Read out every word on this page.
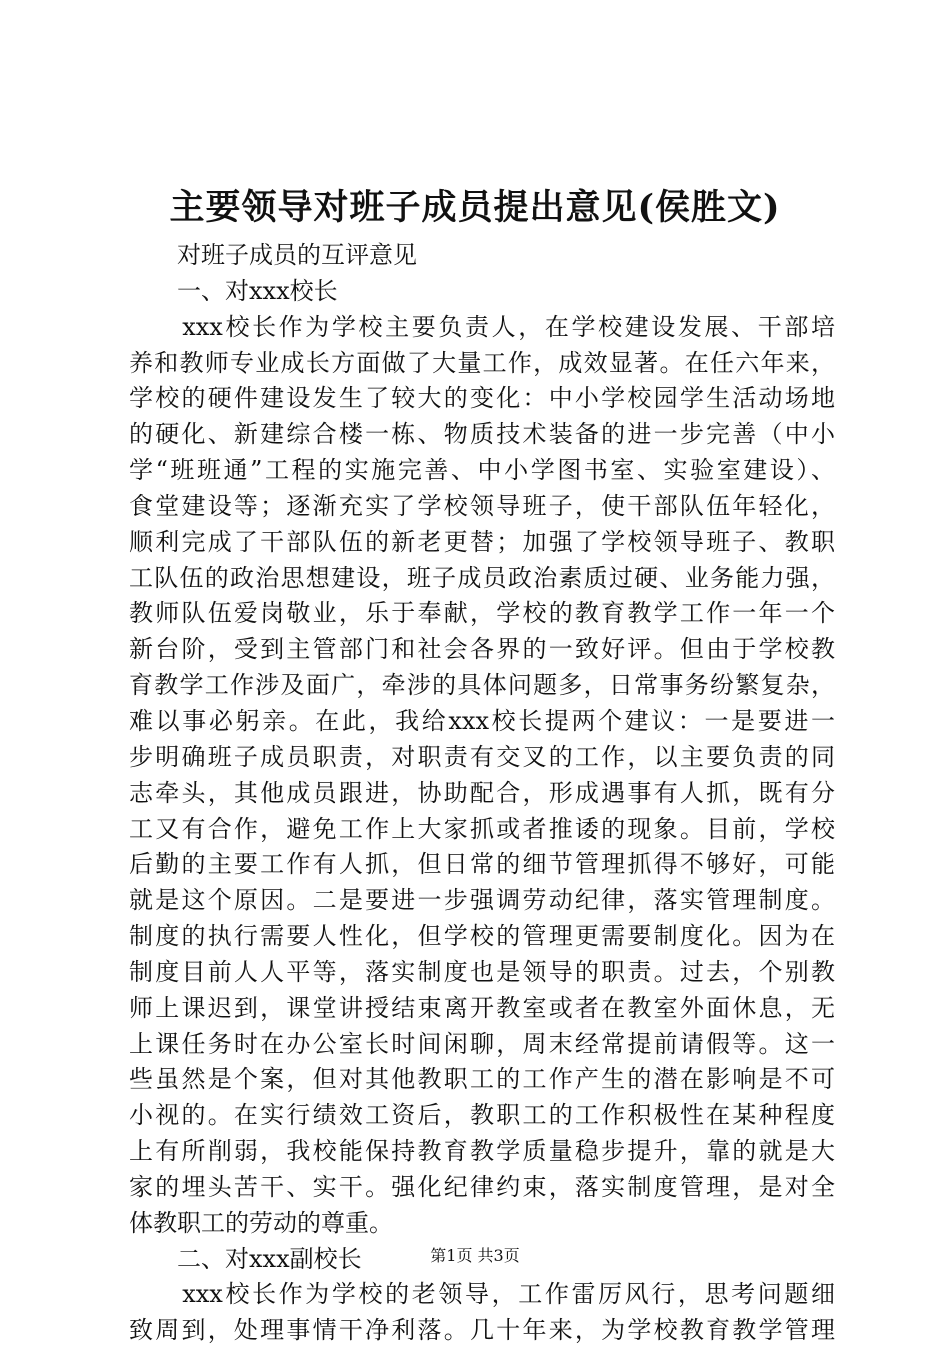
主要领导对班子成员提出意见(侯胜文)
　　对班子成员的互评意见
　　一、对xxx校长
　　xxx校长作为学校主要负责人，在学校建设发展、干部培
养和教师专业成长方面做了大量工作，成效显著。在任六年来，
学校的硬件建设发生了较大的变化：中小学校园学生活动场地
的硬化、新建综合楼一栋、物质技术装备的进一步完善（中小
学“班班通”工程的实施完善、中小学图书室、实验室建设）、
食堂建设等；逐渐充实了学校领导班子，使干部队伍年轻化，
顺利完成了干部队伍的新老更替；加强了学校领导班子、教职
工队伍的政治思想建设，班子成员政治素质过硬、业务能力强，
教师队伍爱岗敬业，乐于奉献，学校的教育教学工作一年一个
新台阶，受到主管部门和社会各界的一致好评。但由于学校教
育教学工作涉及面广，牵涉的具体问题多，日常事务纷繁复杂，
难以事必躬亲。在此，我给xxx校长提两个建议：一是要进一
步明确班子成员职责，对职责有交叉的工作，以主要负责的同
志牵头，其他成员跟进，协助配合，形成遇事有人抓，既有分
工又有合作，避免工作上大家抓或者推诿的现象。目前，学校
后勤的主要工作有人抓，但日常的细节管理抓得不够好，可能
就是这个原因。二是要进一步强调劳动纪律，落实管理制度。
制度的执行需要人性化，但学校的管理更需要制度化。因为在
制度目前人人平等，落实制度也是领导的职责。过去，个别教
师上课迟到，课堂讲授结束离开教室或者在教室外面休息，无
上课任务时在办公室长时间闲聊，周末经常提前请假等。这一
些虽然是个案，但对其他教职工的工作产生的潜在影响是不可
小视的。在实行绩效工资后，教职工的工作积极性在某种程度
上有所削弱，我校能保持教育教学质量稳步提升，靠的就是大
家的埋头苦干、实干。强化纪律约束，落实制度管理，是对全
体教职工的劳动的尊重。
　　二、对xxx副校长
　　xxx校长作为学校的老领导，工作雷厉风行，思考问题细
致周到，处理事情干净利落。几十年来，为学校教育教学管理
第1页 共3页
